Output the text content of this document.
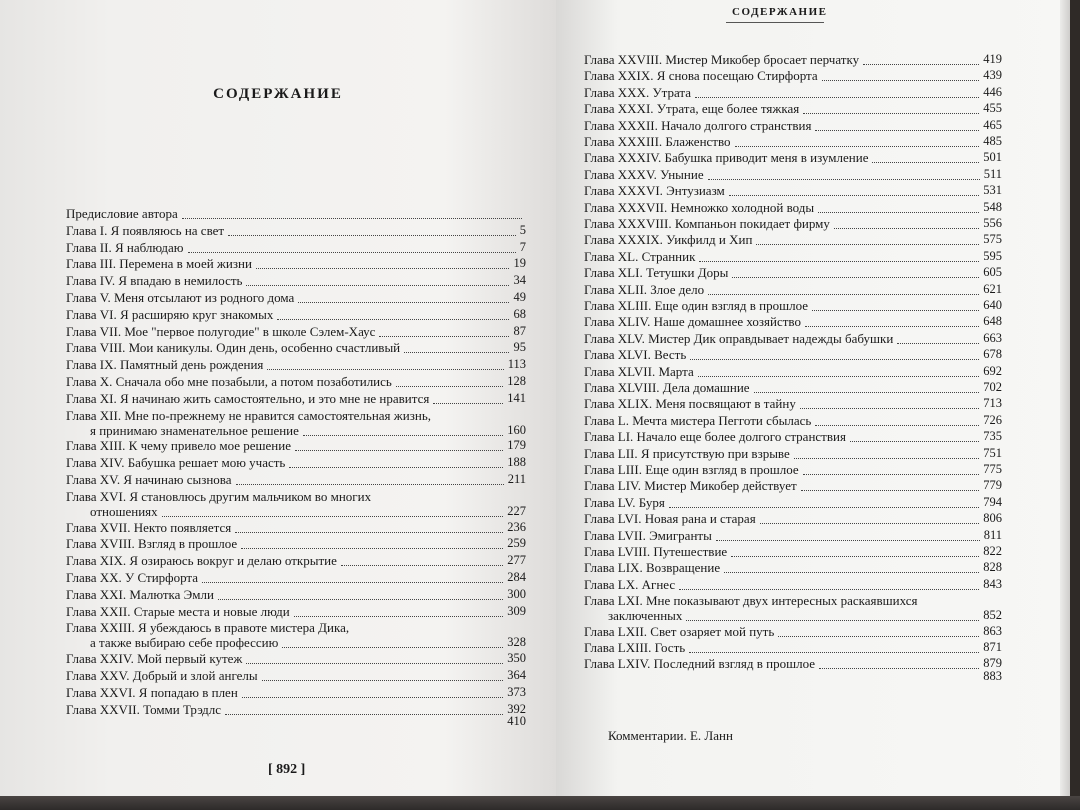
СОДЕРЖАНИЕ
Предисловие автора
Глава I. Я появляюсь на свет	5
Глава II. Я наблюдаю	7
Глава III. Перемена в моей жизни	19
Глава IV. Я впадаю в немилость	34
Глава V. Меня отсылают из родного дома	49
Глава VI. Я расширяю круг знакомых	68
Глава VII. Мое "первое полугодие" в школе Сэлем-Хаус	87
Глава VIII. Мои каникулы. Один день, особенно счастливый	95
Глава IX. Памятный день рождения	113
Глава X. Сначала обо мне позабыли, а потом позаботились	128
Глава XI. Я начинаю жить самостоятельно, и это мне не нравится	141
Глава XII. Мне по-прежнему не нравится самостоятельная жизнь,
я принимаю знаменательное решение	160
Глава XIII. К чему привело мое решение	179
Глава XIV. Бабушка решает мою участь	188
Глава XV. Я начинаю сызнова	211
Глава XVI. Я становлюсь другим мальчиком во многих
отношениях	227
Глава XVII. Некто появляется	236
Глава XVIII. Взгляд в прошлое	259
Глава XIX. Я озираюсь вокруг и делаю открытие	277
Глава XX. У Стирфорта	284
Глава XXI. Малютка Эмли	300
Глава XXII. Старые места и новые люди	309
Глава XXIII. Я убеждаюсь в правоте мистера Дика,
а также выбираю себе профессию	328
Глава XXIV. Мой первый кутеж	350
Глава XXV. Добрый и злой ангелы	364
Глава XXVI. Я попадаю в плен	373
Глава XXVII. Томми Трэдлс	392
410
[ 892 ]
СОДЕРЖАНИЕ
Глава XXVIII. Мистер Микобер бросает перчатку	419
Глава XXIX. Я снова посещаю Стирфорта	439
Глава XXX. Утрата	446
Глава XXXI. Утрата, еще более тяжкая	455
Глава XXXII. Начало долгого странствия	465
Глава XXXIII. Блаженство	485
Глава XXXIV. Бабушка приводит меня в изумление	501
Глава XXXV. Уныние	511
Глава XXXVI. Энтузиазм	531
Глава XXXVII. Немножко холодной воды	548
Глава XXXVIII. Компаньон покидает фирму	556
Глава XXXIX. Уикфилд и Хип	575
Глава XL. Странник	595
Глава XLI. Тетушки Доры	605
Глава XLII. Злое дело	621
Глава XLIII. Еще один взгляд в прошлое	640
Глава XLIV. Наше домашнее хозяйство	648
Глава XLV. Мистер Дик оправдывает надежды бабушки	663
Глава XLVI. Весть	678
Глава XLVII. Марта	692
Глава XLVIII. Дела домашние	702
Глава XLIX. Меня посвящают в тайну	713
Глава L. Мечта мистера Пегготи сбылась	726
Глава LI. Начало еще более долгого странствия	735
Глава LII. Я присутствую при взрыве	751
Глава LIII. Еще один взгляд в прошлое	775
Глава LIV. Мистер Микобер действует	779
Глава LV. Буря	794
Глава LVI. Новая рана и старая	806
Глава LVII. Эмигранты	811
Глава LVIII. Путешествие	822
Глава LIX. Возвращение	828
Глава LX. Агнес	843
Глава LXI. Мне показывают двух интересных раскаявшихся
заключенных	852
Глава LXII. Свет озаряет мой путь	863
Глава LXIII. Гость	871
Глава LXIV. Последний взгляд в прошлое	879
883
Комментарии. Е. Ланн
